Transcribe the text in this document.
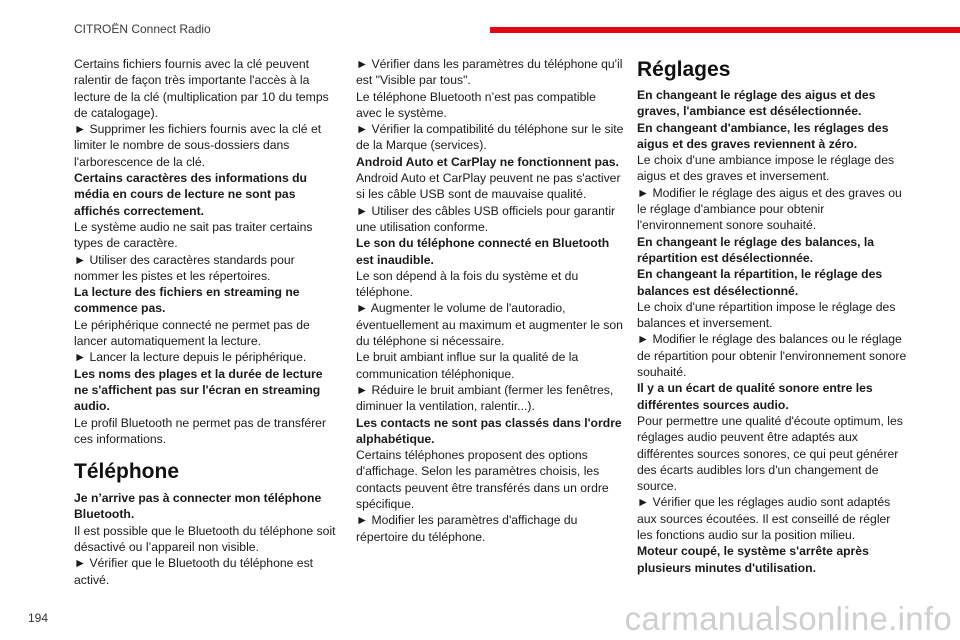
CITROËN Connect Radio

Certains fichiers fournis avec la clé peuvent ralentir de façon très importante l'accès à la lecture de la clé (multiplication par 10 du temps de catalogage).

► Supprimer les fichiers fournis avec la clé et limiter le nombre de sous-dossiers dans l'arborescence de la clé.

Certains caractères des informations du média en cours de lecture ne sont pas affichés correctement.

Le système audio ne sait pas traiter certains types de caractère.

► Utiliser des caractères standards pour nommer les pistes et les répertoires.

La lecture des fichiers en streaming ne commence pas.

Le périphérique connecté ne permet pas de lancer automatiquement la lecture.

► Lancer la lecture depuis le périphérique.

Les noms des plages et la durée de lecture ne s'affichent pas sur l'écran en streaming audio.

Le profil Bluetooth ne permet pas de transférer ces informations.

Téléphone

Je n’arrive pas à connecter mon téléphone Bluetooth.

Il est possible que le Bluetooth du téléphone soit désactivé ou l’appareil non visible.

► Vérifier que le Bluetooth du téléphone est activé.

► Vérifier dans les paramètres du téléphone qu'il est "Visible par tous".

Le téléphone Bluetooth n’est pas compatible avec le système.

► Vérifier la compatibilité du téléphone sur le site de la Marque (services).

Android Auto et CarPlay ne fonctionnent pas.

Android Auto et CarPlay peuvent ne pas s'activer si les câble USB sont de mauvaise qualité.

► Utiliser des câbles USB officiels pour garantir une utilisation conforme.

Le son du téléphone connecté en Bluetooth est inaudible.

Le son dépend à la fois du système et du téléphone.

► Augmenter le volume de l'autoradio, éventuellement au maximum et augmenter le son du téléphone si nécessaire.

Le bruit ambiant influe sur la qualité de la communication téléphonique.

► Réduire le bruit ambiant (fermer les fenêtres, diminuer la ventilation, ralentir...).

Les contacts ne sont pas classés dans l'ordre alphabétique.

Certains téléphones proposent des options d'affichage. Selon les paramètres choisis, les contacts peuvent être transférés dans un ordre spécifique.

► Modifier les paramètres d'affichage du répertoire du téléphone.

Réglages

En changeant le réglage des aigus et des graves, l'ambiance est désélectionnée.

En changeant d'ambiance, les réglages des aigus et des graves reviennent à zéro.

Le choix d'une ambiance impose le réglage des aigus et des graves et inversement.

► Modifier le réglage des aigus et des graves ou le réglage d'ambiance pour obtenir l'environnement sonore souhaité.

En changeant le réglage des balances, la répartition est désélectionnée.

En changeant la répartition, le réglage des balances est désélectionné.

Le choix d'une répartition impose le réglage des balances et inversement.

► Modifier le réglage des balances ou le réglage de répartition pour obtenir l'environnement sonore souhaité.

Il y a un écart de qualité sonore entre les différentes sources audio.

Pour permettre une qualité d'écoute optimum, les réglages audio peuvent être adaptés aux différentes sources sonores, ce qui peut générer des écarts audibles lors d'un changement de source.

► Vérifier que les réglages audio sont adaptés aux sources écoutées. Il est conseillé de régler les fonctions audio sur la position milieu.

Moteur coupé, le système s'arrête après plusieurs minutes d'utilisation.

194	carmanualsonline.info
